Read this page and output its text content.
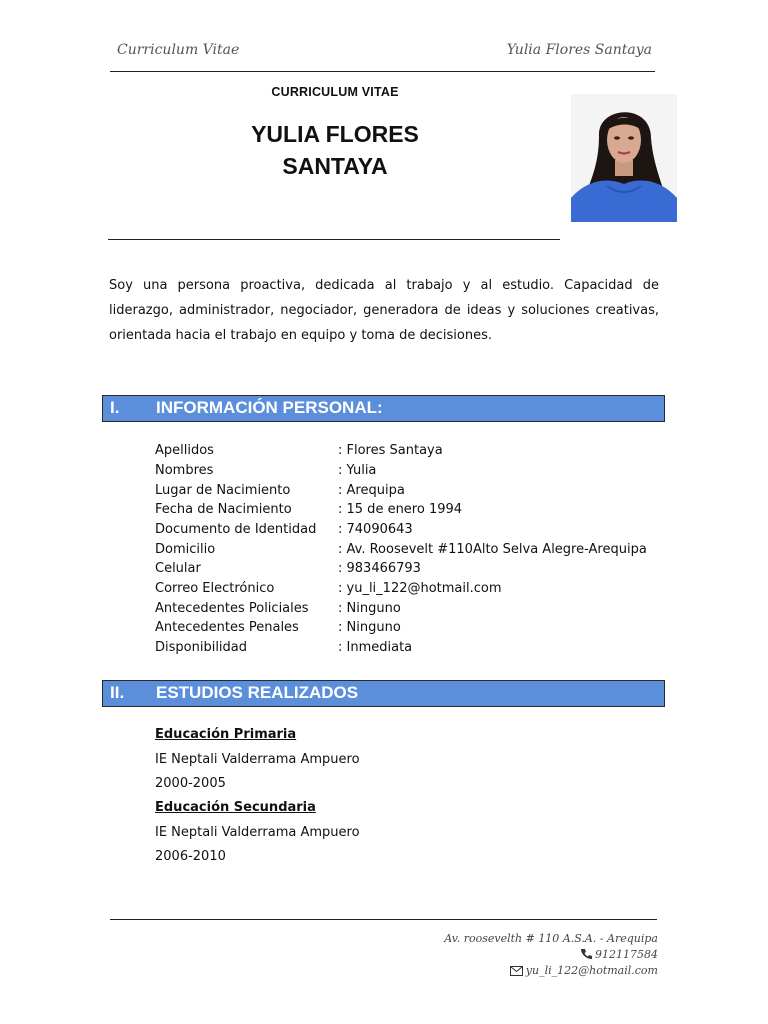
Curriculum Vitae	Yulia Flores Santaya
CURRICULUM VITAE
YULIA FLORES
SANTAYA
Soy una persona proactiva, dedicada al trabajo y al estudio. Capacidad de liderazgo, administrador, negociador, generadora de ideas y soluciones creativas, orientada hacia el trabajo en equipo y toma de decisiones.
I. INFORMACIÓN PERSONAL:
Apellidos	: Flores Santaya
Nombres	: Yulia
Lugar de Nacimiento	: Arequipa
Fecha de Nacimiento	: 15 de enero 1994
Documento de Identidad : 74090643
Domicilio	: Av. Roosevelt #110Alto Selva Alegre-Arequipa
Celular	: 983466793
Correo Electrónico	: yu_li_122@hotmail.com
Antecedentes Policiales : Ninguno
Antecedentes Penales	: Ninguno
Disponibilidad	: Inmediata
II. ESTUDIOS REALIZADOS
Educación Primaria
IE Neptali Valderrama Ampuero
2000-2005
Educación Secundaria
IE Neptali Valderrama Ampuero
2006-2010
Av. roosevelth # 110 A.S.A. - Arequipa
912117584
yu_li_122@hotmail.com
